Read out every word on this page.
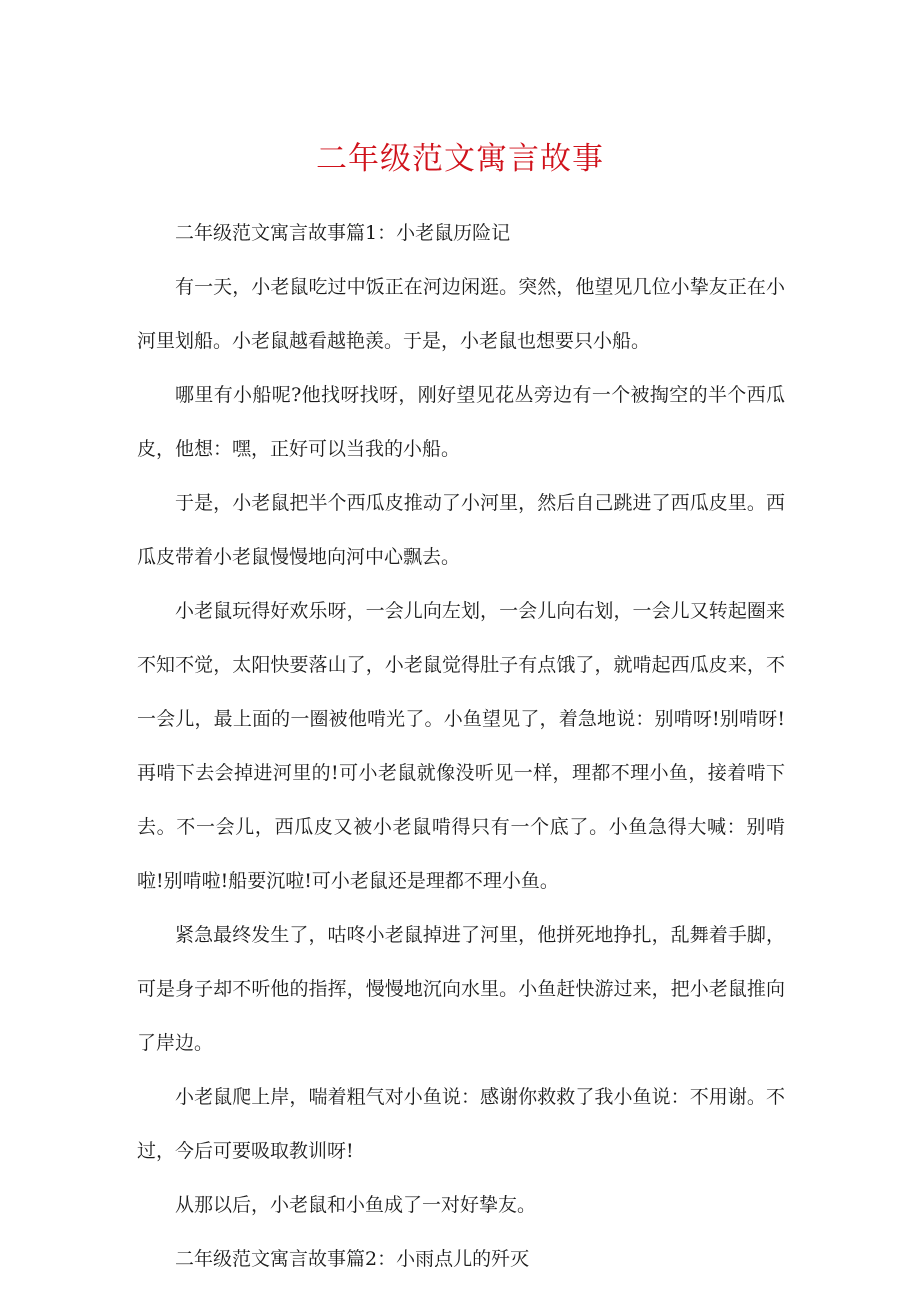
二年级范文寓言故事

二年级范文寓言故事篇1：小老鼠历险记

有一天，小老鼠吃过中饭正在河边闲逛。突然，他望见几位小挚友正在小河里划船。小老鼠越看越艳羡。于是，小老鼠也想要只小船。

哪里有小船呢?他找呀找呀，刚好望见花丛旁边有一个被掏空的半个西瓜皮，他想：嘿，正好可以当我的小船。

于是，小老鼠把半个西瓜皮推动了小河里，然后自己跳进了西瓜皮里。西瓜皮带着小老鼠慢慢地向河中心飘去。

小老鼠玩得好欢乐呀，一会儿向左划，一会儿向右划，一会儿又转起圈来不知不觉，太阳快要落山了，小老鼠觉得肚子有点饿了，就啃起西瓜皮来，不一会儿，最上面的一圈被他啃光了。小鱼望见了，着急地说：别啃呀!别啃呀!再啃下去会掉进河里的!可小老鼠就像没听见一样，理都不理小鱼，接着啃下去。不一会儿，西瓜皮又被小老鼠啃得只有一个底了。小鱼急得大喊：别啃啦!别啃啦!船要沉啦!可小老鼠还是理都不理小鱼。

紧急最终发生了，咕咚小老鼠掉进了河里，他拼死地挣扎，乱舞着手脚，可是身子却不听他的指挥，慢慢地沉向水里。小鱼赶快游过来，把小老鼠推向了岸边。

小老鼠爬上岸，喘着粗气对小鱼说：感谢你救救了我小鱼说：不用谢。不过，今后可要吸取教训呀!

从那以后，小老鼠和小鱼成了一对好挚友。

二年级范文寓言故事篇2：小雨点儿的歼灭
